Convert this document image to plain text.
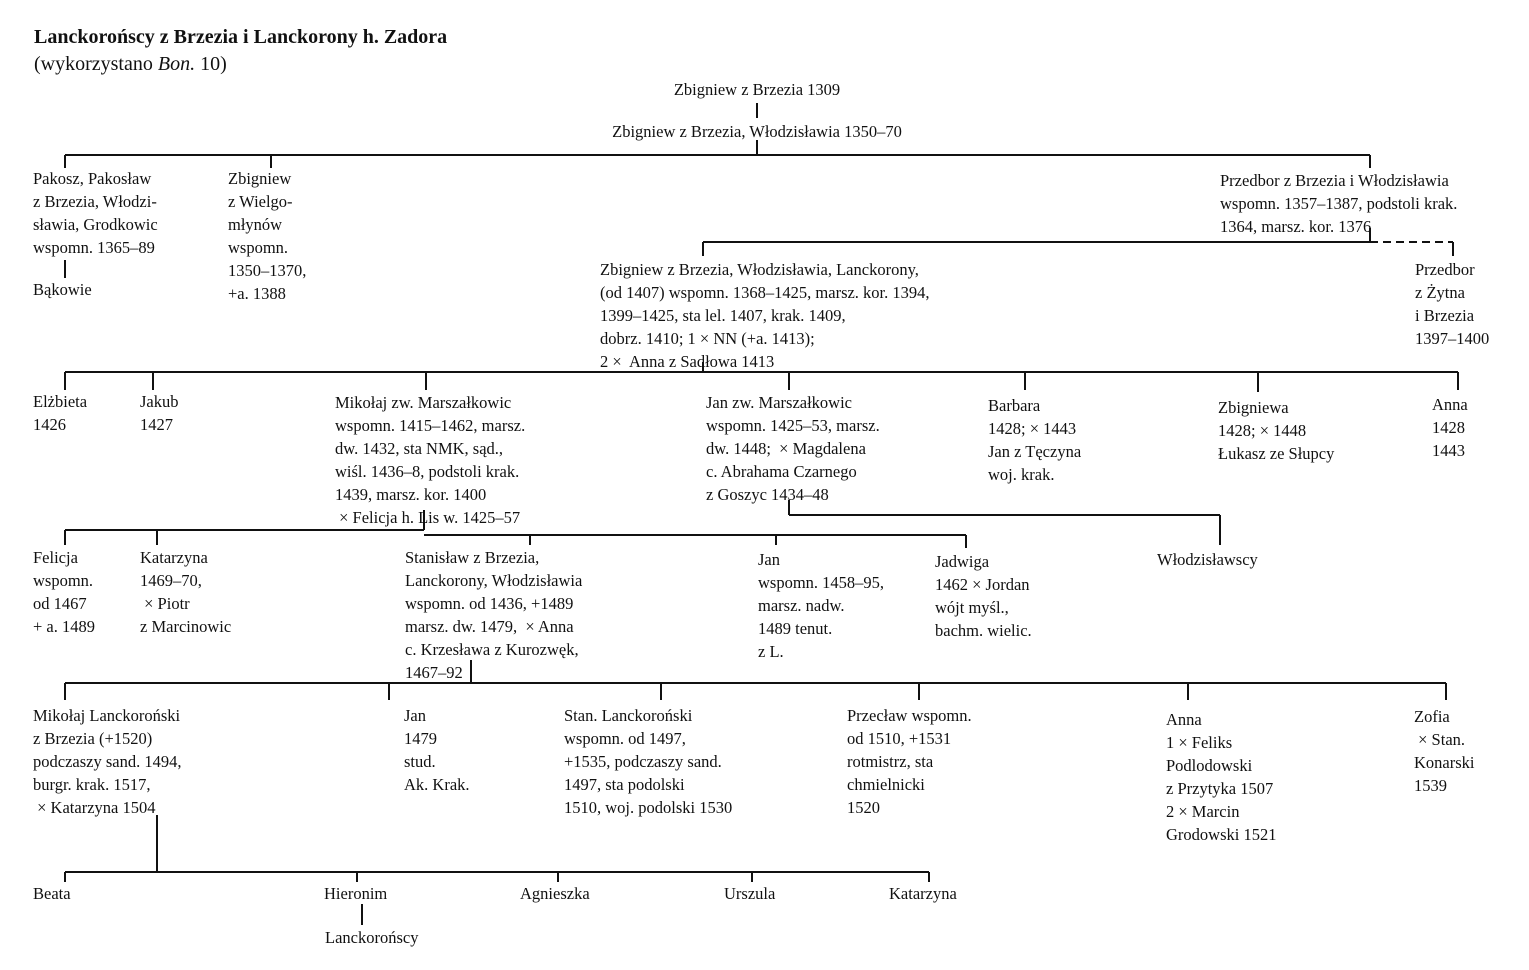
Lanckorońscy z Brzezia i Lanckorony h. Zadora
(wykorzystano Bon. 10)
Zbigniew z Brzezia 1309
Zbigniew z Brzezia, Włodzisławia 1350–70
Pakosz, Pakosław
z Brzezia, Włodzi-
sławia, Grodkowic
wspomn. 1365–89
Bąkowie
Zbigniew
z Wielgo-
młynów
wspomn.
1350–1370,
+a. 1388
Przedbor z Brzezia i Włodzisławia
wspomn. 1357–1387, podstoli krak.
1364, marsz. kor. 1376
Zbigniew z Brzezia, Włodzisławia, Lanckorony,
(od 1407) wspomn. 1368–1425, marsz. kor. 1394,
1399–1425, sta lel. 1407, krak. 1409,
dobrz. 1410; 1 × NN (+a. 1413);
2 ×  Anna z Sadłowa 1413
Przedbor
z Żytna
i Brzezia
1397–1400
Elżbieta
1426
Jakub
1427
Mikołaj zw. Marszałkowic
wspomn. 1415–1462, marsz.
dw. 1432, sta NMK, sąd.,
wiśl. 1436–8, podstoli krak.
1439, marsz. kor. 1400
× Felicja h. Lis w. 1425–57
Jan zw. Marszałkowic
wspomn. 1425–53, marsz.
dw. 1448;  × Magdalena
c. Abrahama Czarnego
z Goszyc 1434–48
Barbara
1428; × 1443
Jan z Tęczyna
woj. krak.
Zbigniewa
1428; × 1448
Łukasz ze Słupcy
Anna
1428
1443
Felicja
wspomn.
od 1467
+ a. 1489
Katarzyna
1469–70,
× Piotr
z Marcinowic
Stanisław z Brzezia,
Lanckorony, Włodzisławia
wspomn. od 1436, +1489
marsz. dw. 1479,  × Anna
c. Krzesława z Kurozwęk,
1467–92
Jan
wspomn. 1458–95,
marsz. nadw.
1489 tenut.
z L.
Jadwiga
1462 × Jordan
wójt myśl.,
bachm. wielic.
Włodzisławscy
Mikołaj Lanckoroński
z Brzezia (+1520)
podczaszy sand. 1494,
burgr. krak. 1517,
× Katarzyna 1504
Jan
1479
stud.
Ak. Krak.
Stan. Lanckoroński
wspomn. od 1497,
+1535, podczaszy sand.
1497, sta podolski
1510, woj. podolski 1530
Przecław wspomn.
od 1510, +1531
rotmistrz, sta
chmielnicki
1520
Anna
1 × Feliks
Podlodowski
z Przytyka 1507
2 × Marcin
Grodowski 1521
Zofia
× Stan.
Konarski
1539
Beata	Hieronim	Agnieszka	Urszula	Katarzyna
Lanckorońscy
